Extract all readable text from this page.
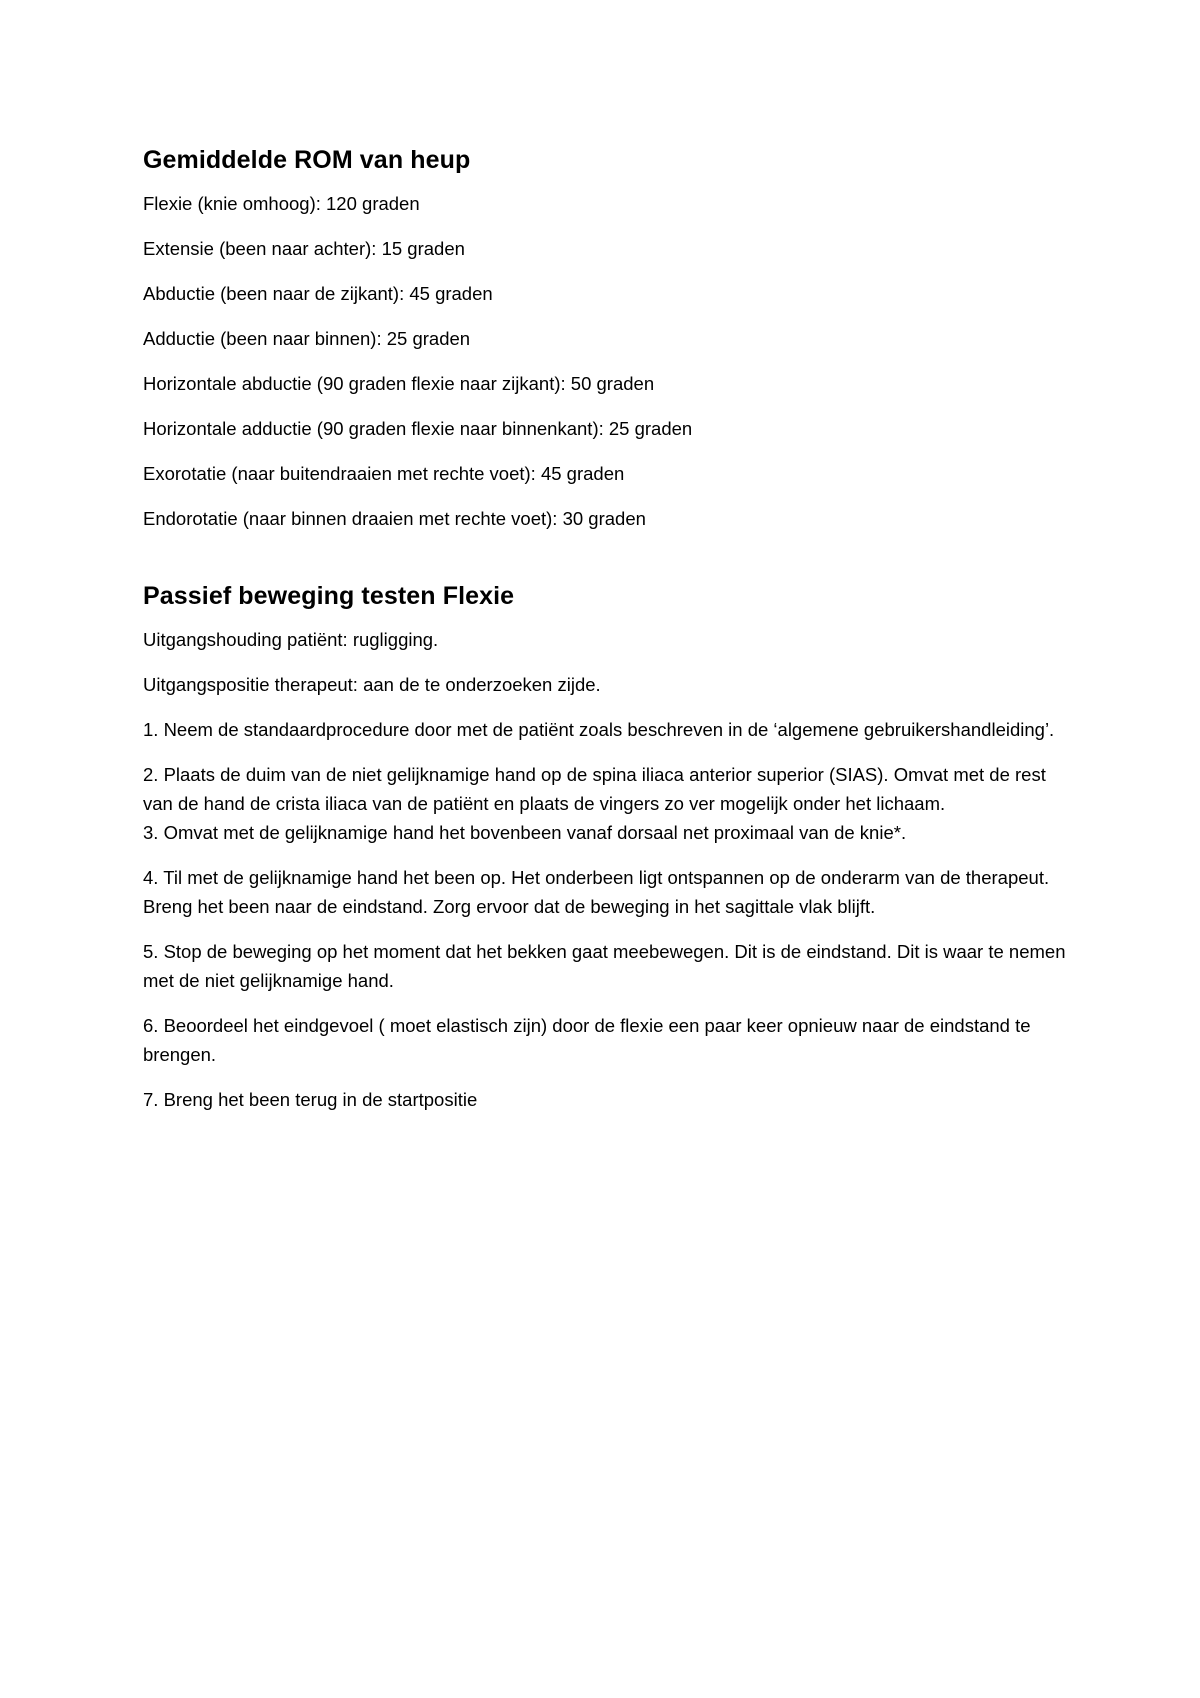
Gemiddelde ROM van heup

Flexie (knie omhoog): 120 graden

Extensie (been naar achter): 15 graden

Abductie (been naar de zijkant): 45 graden

Adductie (been naar binnen): 25 graden

Horizontale abductie (90 graden flexie naar zijkant): 50 graden

Horizontale adductie (90 graden flexie naar binnenkant): 25 graden

Exorotatie (naar buitendraaien met rechte voet): 45 graden

Endorotatie (naar binnen draaien met rechte voet): 30 graden

Passief beweging testen Flexie

Uitgangshouding patiënt: rugligging.

Uitgangspositie therapeut: aan de te onderzoeken zijde.

1. Neem de standaardprocedure door met de patiënt zoals beschreven in de ‘algemene gebruikershandleiding’.

2. Plaats de duim van de niet gelijknamige hand op de spina iliaca anterior superior (SIAS). Omvat met de rest van de hand de crista iliaca van de patiënt en plaats de vingers zo ver mogelijk onder het lichaam.

3. Omvat met de gelijknamige hand het bovenbeen vanaf dorsaal net proximaal van de knie*.

4. Til met de gelijknamige hand het been op. Het onderbeen ligt ontspannen op de onderarm van de therapeut. Breng het been naar de eindstand. Zorg ervoor dat de beweging in het sagittale vlak blijft.

5. Stop de beweging op het moment dat het bekken gaat meebewegen. Dit is de eindstand. Dit is waar te nemen met de niet gelijknamige hand.

6. Beoordeel het eindgevoel ( moet elastisch zijn) door de flexie een paar keer opnieuw naar de eindstand te brengen.

7. Breng het been terug in de startpositie
